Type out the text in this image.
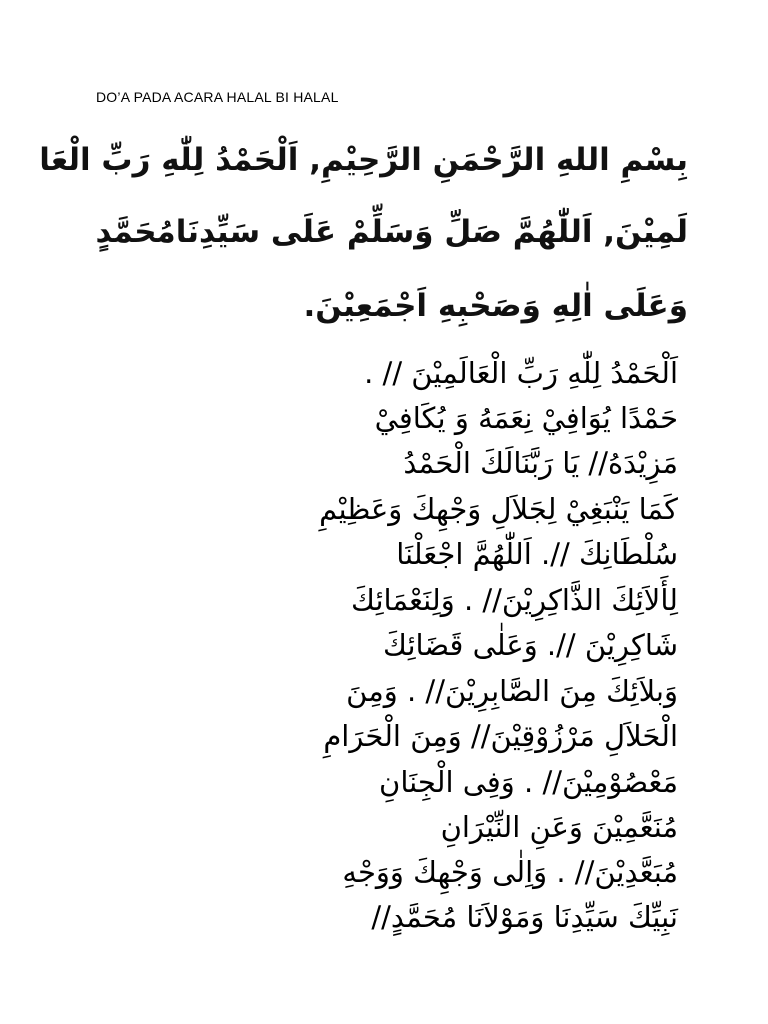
DO’A PADA ACARA HALAL BI HALAL
بِسْمِ اللهِ الرَّحْمَنِ الرَّحِيْمِ, اَلْحَمْدُ لِلّٰهِ رَبِّ الْعَا
لَمِيْنَ, اَللّٰهُمَّ صَلِّ وَسَلِّمْ عَلَى سَيِّدِنَامُحَمَّدٍ
وَعَلَى اٰلِهِ وَصَحْبِهِ اَجْمَعِيْنَ.
اَلْحَمْدُ لِلّٰهِ رَبِّ الْعَالَمِيْنَ // .
حَمْدًا يُوَافِيْ نِعَمَهُ وَ يُكَافِيْ
مَزِيْدَهُ// يَا رَبَّنَالَكَ الْحَمْدُ
كَمَا يَنْبَغِيْ لِجَلاَلِ وَجْهِكَ وَعَظِيْمِ
سُلْطَانِكَ //. اَللّٰهُمَّ اجْعَلْنَا
لِأَلاَئِكَ الذَّاكِرِيْنَ// . وَلِنَعْمَائِكَ
شَاكِرِيْنَ //. وَعَلٰى قَضَائِكَ
وَبلاَئِكَ مِنَ الصَّابِرِيْنَ// . وَمِنَ
الْحَلاَلِ مَرْزُوْقِيْنَ// وَمِنَ الْحَرَامِ
مَعْصُوْمِيْنَ// . وَفِى الْجِنَانِ
مُنَعَّمِيْنَ وَعَنِ النِّيْرَانِ
مُبَعَّدِيْنَ// . وَاِلٰى وَجْهِكَ وَوَجْهِ
نَبِيِّكَ سَيِّدِنَا وَمَوْلاَنَا مُحَمَّدٍ//
